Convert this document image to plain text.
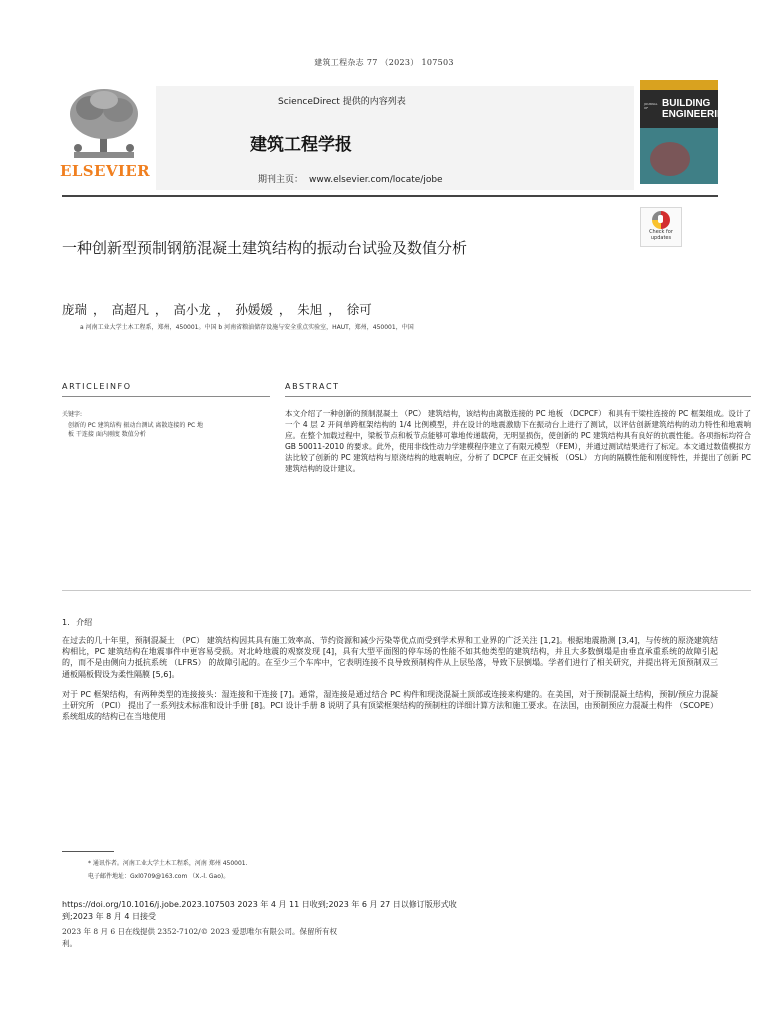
建筑工程杂志 77 （2023） 107503
ELSEVIER
ScienceDirect 提供的内容列表
建筑工程学报
期刊主页： www.elsevier.com/locate/jobe
JOURNAL OF	BUILDING ENGINEERING
Check for updates
一种创新型预制钢筋混凝土建筑结构的振动台试验及数值分析
庞瑞 ， 高超凡 ， 高小龙 ， 孙媛媛 ， 朱旭 ， 徐可
a 河南工业大学土木工程系，郑州，450001。中国 b 河南省粮油储存设施与安全重点实验室，HAUT，郑州，450001，中国
ARTICLEINFO	ABSTRACT
关键字:
创新的 PC 建筑结构 振动台测试 离散连接的 PC 地板 干连接 面内刚度 数值分析
本文介绍了一种创新的预制混凝土 （PC） 建筑结构，该结构由离散连接的 PC 地板 （DCPCF） 和具有干梁柱连接的 PC 框架组成。设计了一个 4 层 2 开间单跨框架结构的 1/4 比例模型，并在设计的地震激励下在振动台上进行了测试，以评估创新建筑结构的动力特性和地震响应。在整个加载过程中，梁板节点和板节点能够可靠地传递载荷，无明显损伤，使创新的 PC 建筑结构具有良好的抗震性能。各项指标均符合 GB 50011-2010 的要求。此外，使用非线性动力学建模程序建立了有限元模型 （FEM），并通过测试结果进行了标定。本文通过数值模拟方法比较了创新的 PC 建筑结构与原浇结构的地震响应，分析了 DCPCF 在正交铺板 （OSL） 方向的隔膜性能和刚度特性，并提出了创新 PC 建筑结构的设计建议。
1. 介绍
在过去的几十年里，预制混凝土 （PC） 建筑结构因其具有施工效率高、节约资源和减少污染等优点而受到学术界和工业界的广泛关注 [1,2]。根据地震勘测 [3,4]，与传统的原浇建筑结构相比，PC 建筑结构在地震事件中更容易受损。对北岭地震的观察发现 [4]，具有大型平面图的停车场的性能不如其他类型的建筑结构，并且大多数倒塌是由垂直承重系统的故障引起的，而不是由侧向力抵抗系统 （LFRS） 的故障引起的。在至少三个车库中，它表明连接不良导致预制构件从上层坠落，导致下层倒塌。学者们进行了相关研究，并提出将无顶预制双三通板隔板假设为柔性隔膜 [5,6]。
对于 PC 框架结构，有两种类型的连接接头：湿连接和干连接 [7]。通常，湿连接是通过结合 PC 构件和现浇混凝土顶部或连接来构建的。在美国，对于预制混凝土结构，预制/预应力混凝土研究所 （PCI） 提出了一系列技术标准和设计手册 [8]。PCI 设计手册 8 说明了具有顶梁框架结构的预制柱的详细计算方法和施工要求。在法国，由预制预应力混凝土构件 （SCOPE） 系统组成的结构已在当地使用
* 通讯作者。河南工业大学土木工程系，河南 郑州 450001.
电子邮件地址：Gxl0709@163.com （X.-l. Gao)。
https://doi.org/10.1016/j.jobe.2023.107503 2023 年 4 月 11 日收到;2023 年 6 月 27 日以修订版形式收到;2023 年 8 月 4 日接受
2023 年 8 月 6 日在线提供 2352-7102/© 2023 爱思唯尔有限公司。保留所有权利。
